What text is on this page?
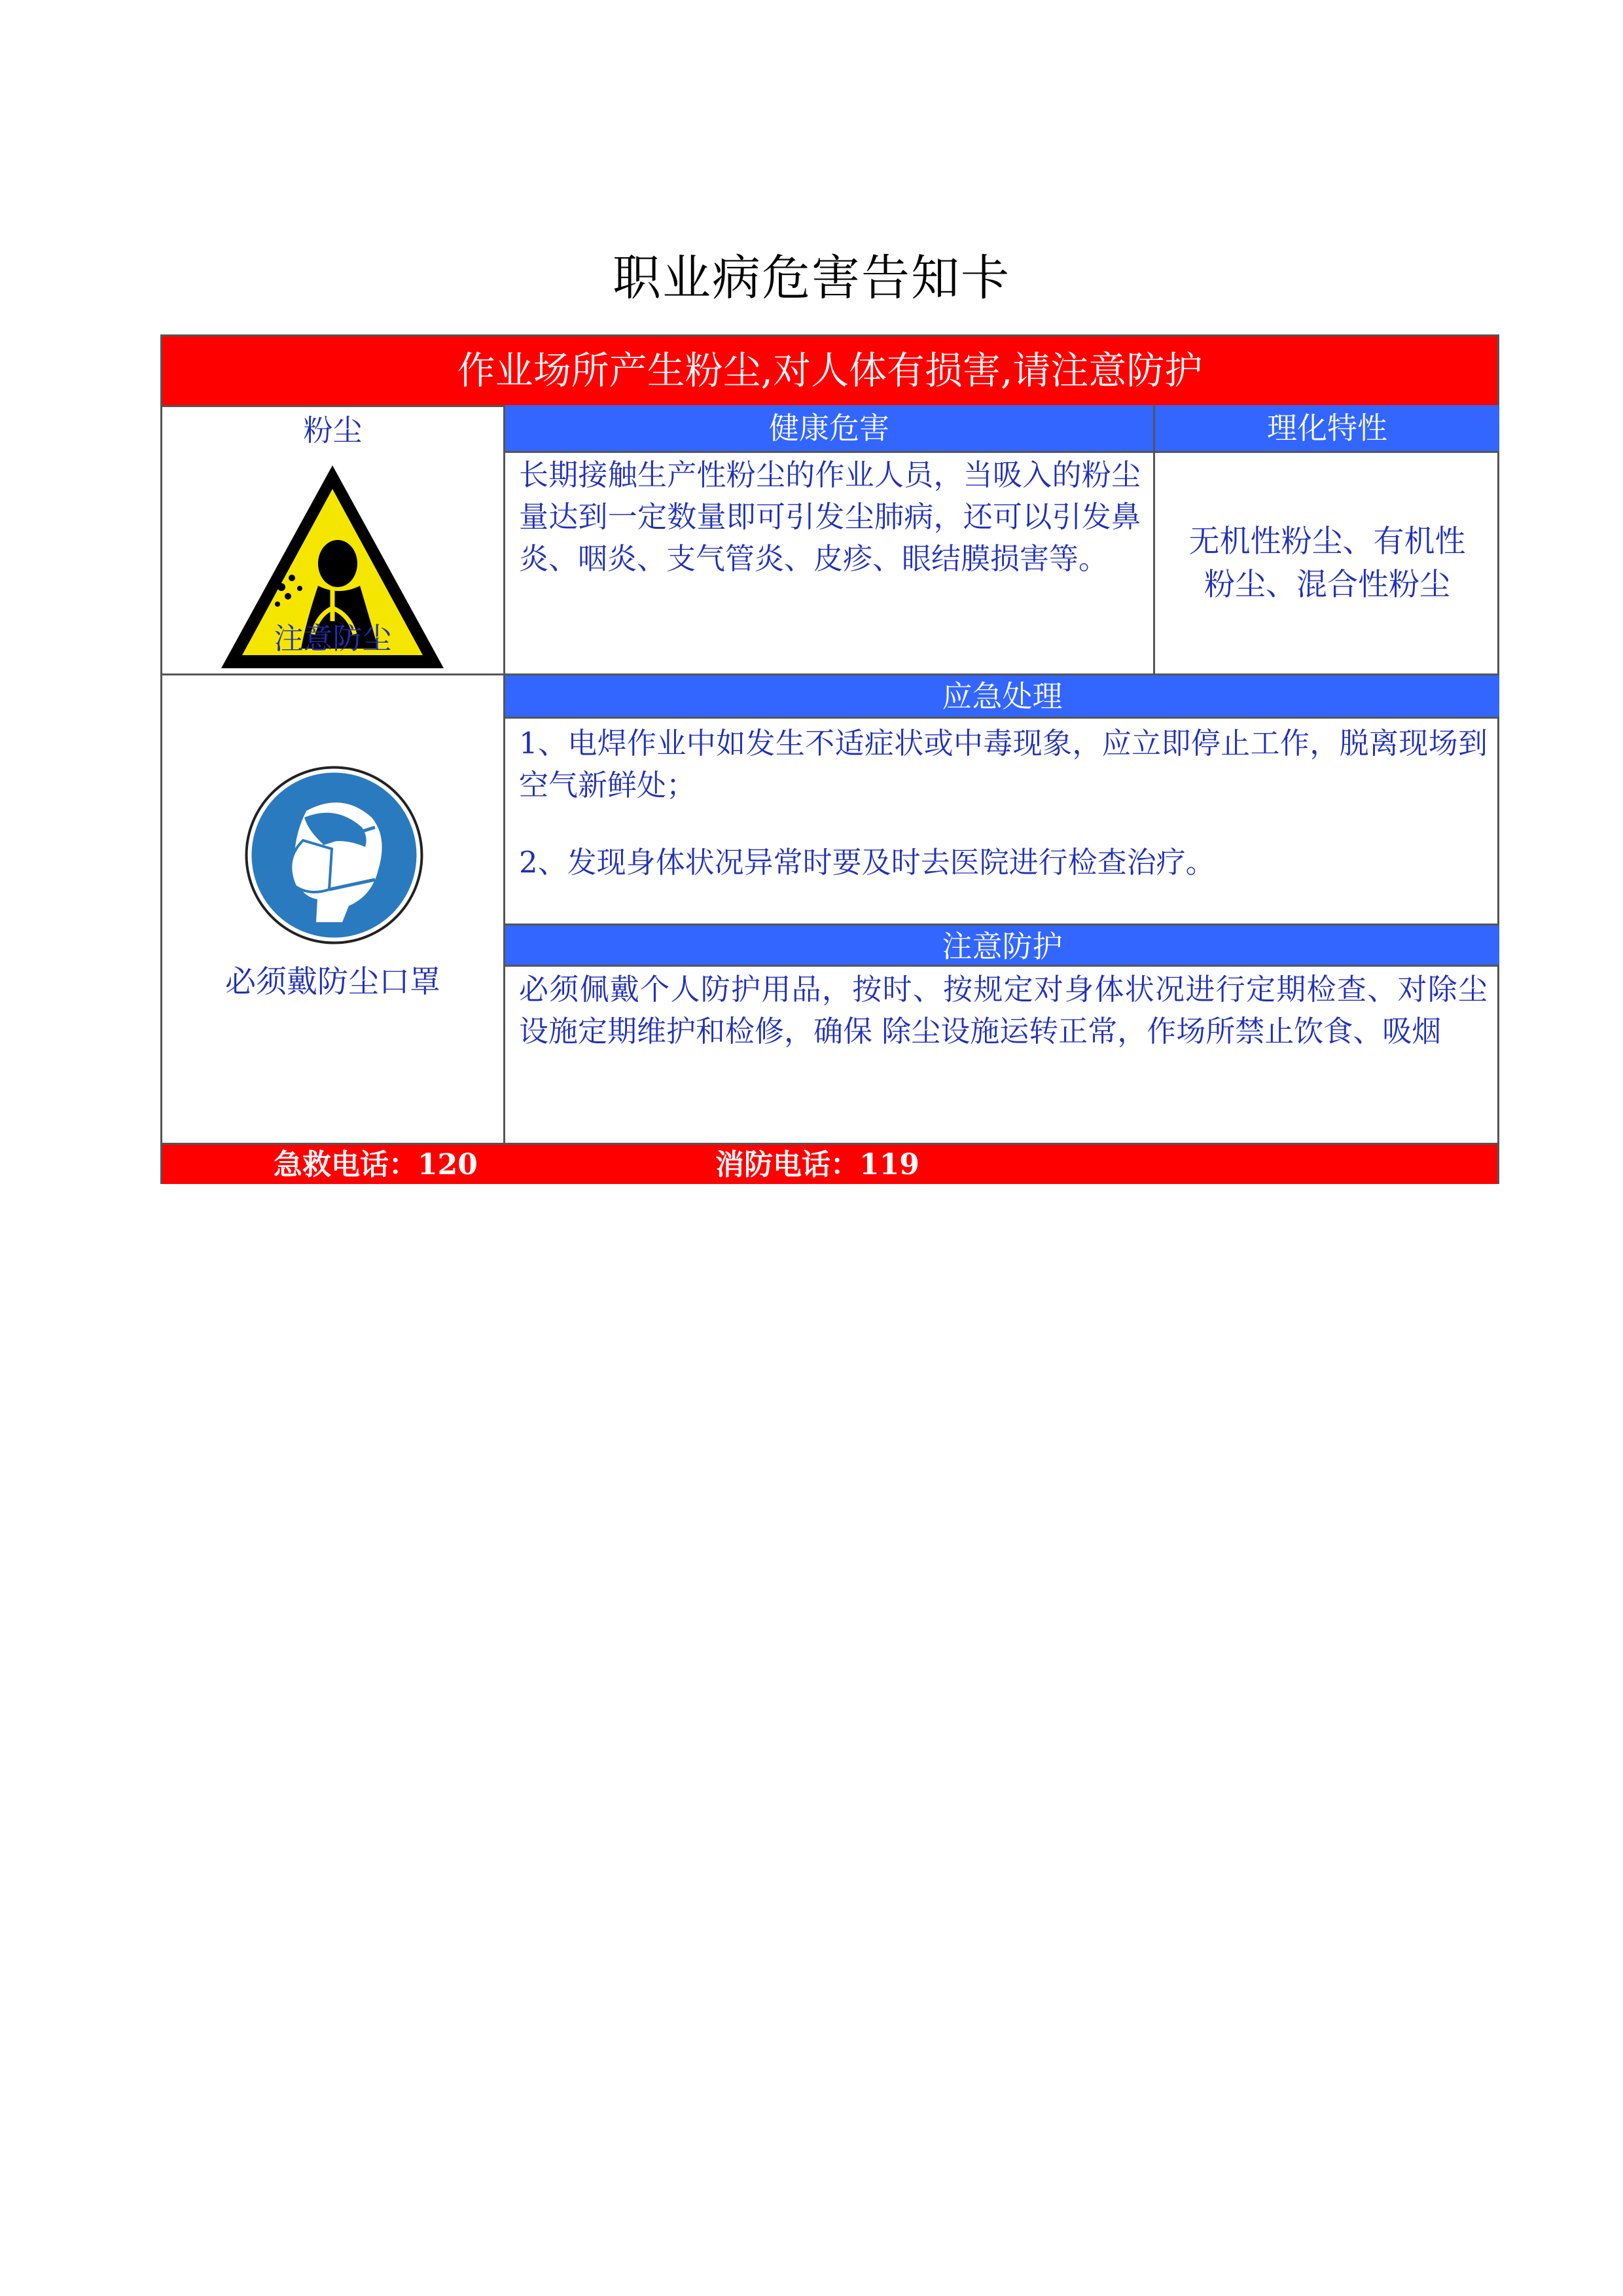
职业病危害告知卡
作业场所产生粉尘,对人体有损害,请注意防护
粉尘
注意防尘
健康危害
长期接触生产性粉尘的作业人员，当吸入的粉尘量达到一定数量即可引发尘肺病，还可以引发鼻炎、咽炎、支气管炎、皮疹、眼结膜损害等。
理化特性
无机性粉尘、有机性粉尘、混合性粉尘
必须戴防尘口罩
应急处理
1、电焊作业中如发生不适症状或中毒现象，应立即停止工作，脱离现场到空气新鲜处；
2、发现身体状况异常时要及时去医院进行检查治疗。
注意防护
必须佩戴个人防护用品，按时、按规定对身体状况进行定期检查、对除尘设施定期维护和检修，确保 除尘设施运转正常，作场所禁止饮食、吸烟
急救电话：120	消防电话：119
